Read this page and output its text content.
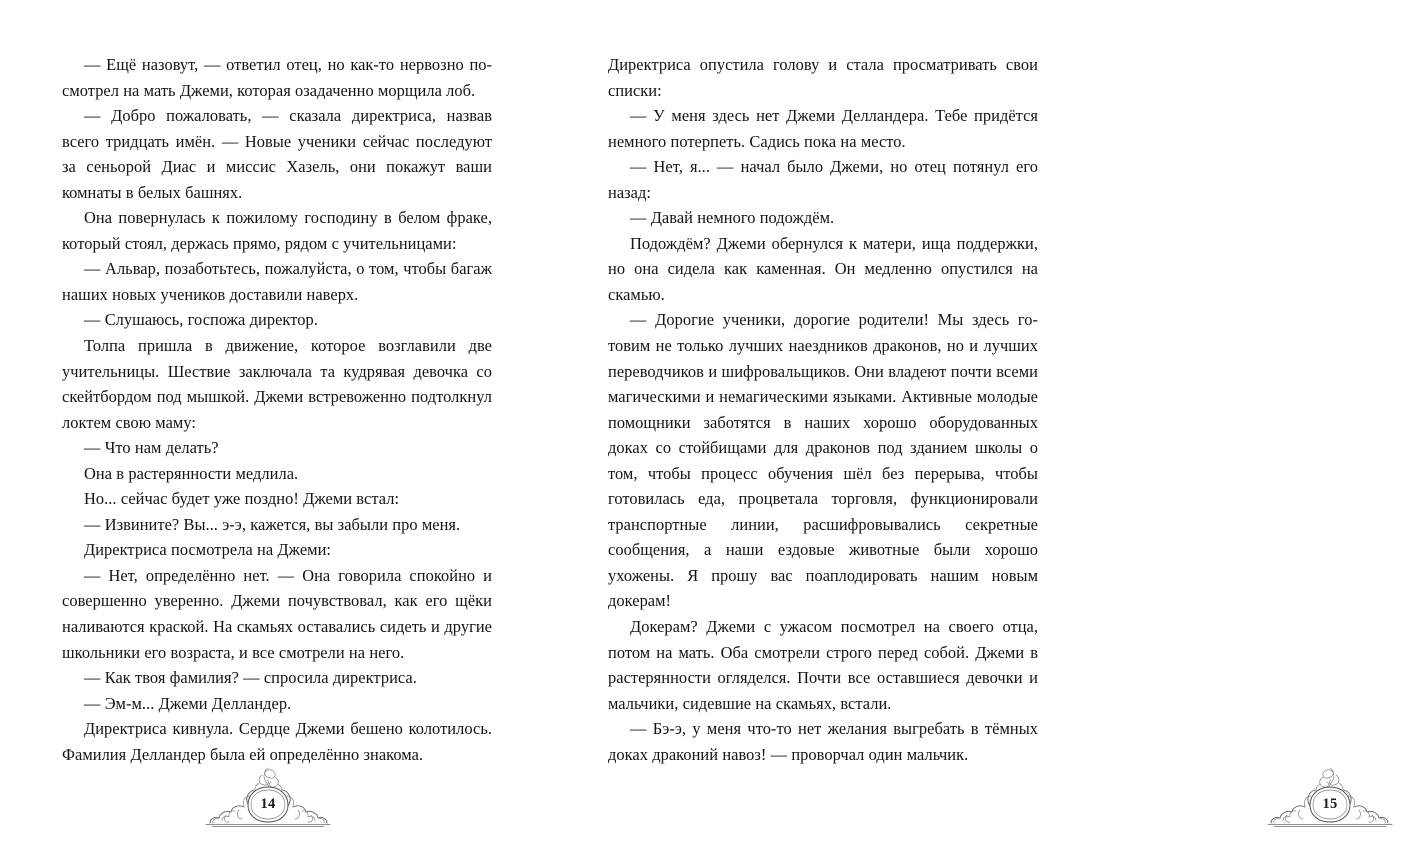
— Ещё назовут, — ответил отец, но как-то нервозно посмотрел на мать Джеми, которая озадаченно морщила лоб.

— Добро пожаловать, — сказала директриса, назвав всего тридцать имён. — Новые ученики сейчас последуют за сеньорой Диас и миссис Хазель, они покажут ваши комнаты в белых башнях.

Она повернулась к пожилому господину в белом фраке, который стоял, держась прямо, рядом с учительницами:

— Альвар, позаботьтесь, пожалуйста, о том, чтобы багаж наших новых учеников доставили наверх.

— Слушаюсь, госпожа директор.

Толпа пришла в движение, которое возглавили две учительницы. Шествие заключала та кудрявая девочка со скейтбордом под мышкой. Джеми встревоженно подтолкнул локтем свою маму:

— Что нам делать?

Она в растерянности медлила.

Но... сейчас будет уже поздно! Джеми встал:

— Извините? Вы... э-э, кажется, вы забыли про меня.

Директриса посмотрела на Джеми:

— Нет, определённо нет. — Она говорила спокойно и совершенно уверенно. Джеми почувствовал, как его щёки наливаются краской. На скамьях оставались сидеть и другие школьники его возраста, и все смотрели на него.

— Как твоя фамилия? — спросила директриса.

— Эм-м... Джеми Делландер.

Директриса кивнула. Сердце Джеми бешено колотилось. Фамилия Делландер была ей определённо знакома.

14

Директриса опустила голову и стала просматривать свои списки:

— У меня здесь нет Джеми Делландера. Тебе придётся немного потерпеть. Садись пока на место.

— Нет, я... — начал было Джеми, но отец потянул его назад:

— Давай немного подождём.

Подождём? Джеми обернулся к матери, ища поддержки, но она сидела как каменная. Он медленно опустился на скамью.

— Дорогие ученики, дорогие родители! Мы здесь готовим не только лучших наездников драконов, но и лучших переводчиков и шифровальщиков. Они владеют почти всеми магическими и немагическими языками. Активные молодые помощники заботятся в наших хорошо оборудованных доках со стойбищами для драконов под зданием школы о том, чтобы процесс обучения шёл без перерыва, чтобы готовилась еда, процветала торговля, функционировали транспортные линии, расшифровывались секретные сообщения, а наши ездовые животные были хорошо ухожены. Я прошу вас поаплодировать нашим новым докерам!

Докерам? Джеми с ужасом посмотрел на своего отца, потом на мать. Оба смотрели строго перед собой. Джеми в растерянности огляделся. Почти все оставшиеся девочки и мальчики, сидевшие на скамьях, встали.

— Бэ-э, у меня что-то нет желания выгребать в тёмных доках драконий навоз! — проворчал один мальчик.

15
